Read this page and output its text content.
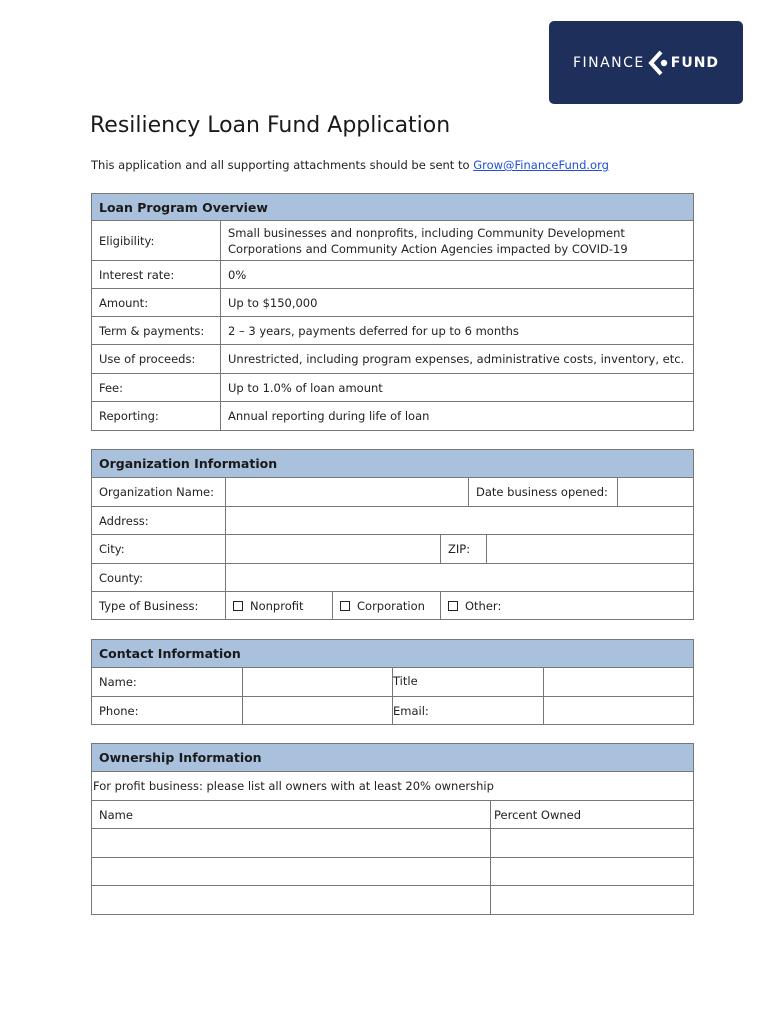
FINANCE FUND
Resiliency Loan Fund Application
This application and all supporting attachments should be sent to Grow@FinanceFund.org
Loan Program Overview	
Eligibility:	Small businesses and nonprofits, including Community Development Corporations and Community Action Agencies impacted by COVID-19
Interest rate:	0%
Amount:	Up to $150,000
Term & payments:	2 – 3 years, payments deferred for up to 6 months
Use of proceeds:	Unrestricted, including program expenses, administrative costs, inventory, etc.
Fee:	Up to 1.0% of loan amount
Reporting:	Annual reporting during life of loan
Organization Information						
Organization Name:				Date business opened:		
Address:						
City:			ZIP:			
County:						
Type of Business:	Nonprofit	Corporation	Other:			
Contact Information			
Name:		Title	
Phone:		Email:	
Ownership Information	
For profit business: please list all owners with at least 20% ownership	
Name	Percent Owned
